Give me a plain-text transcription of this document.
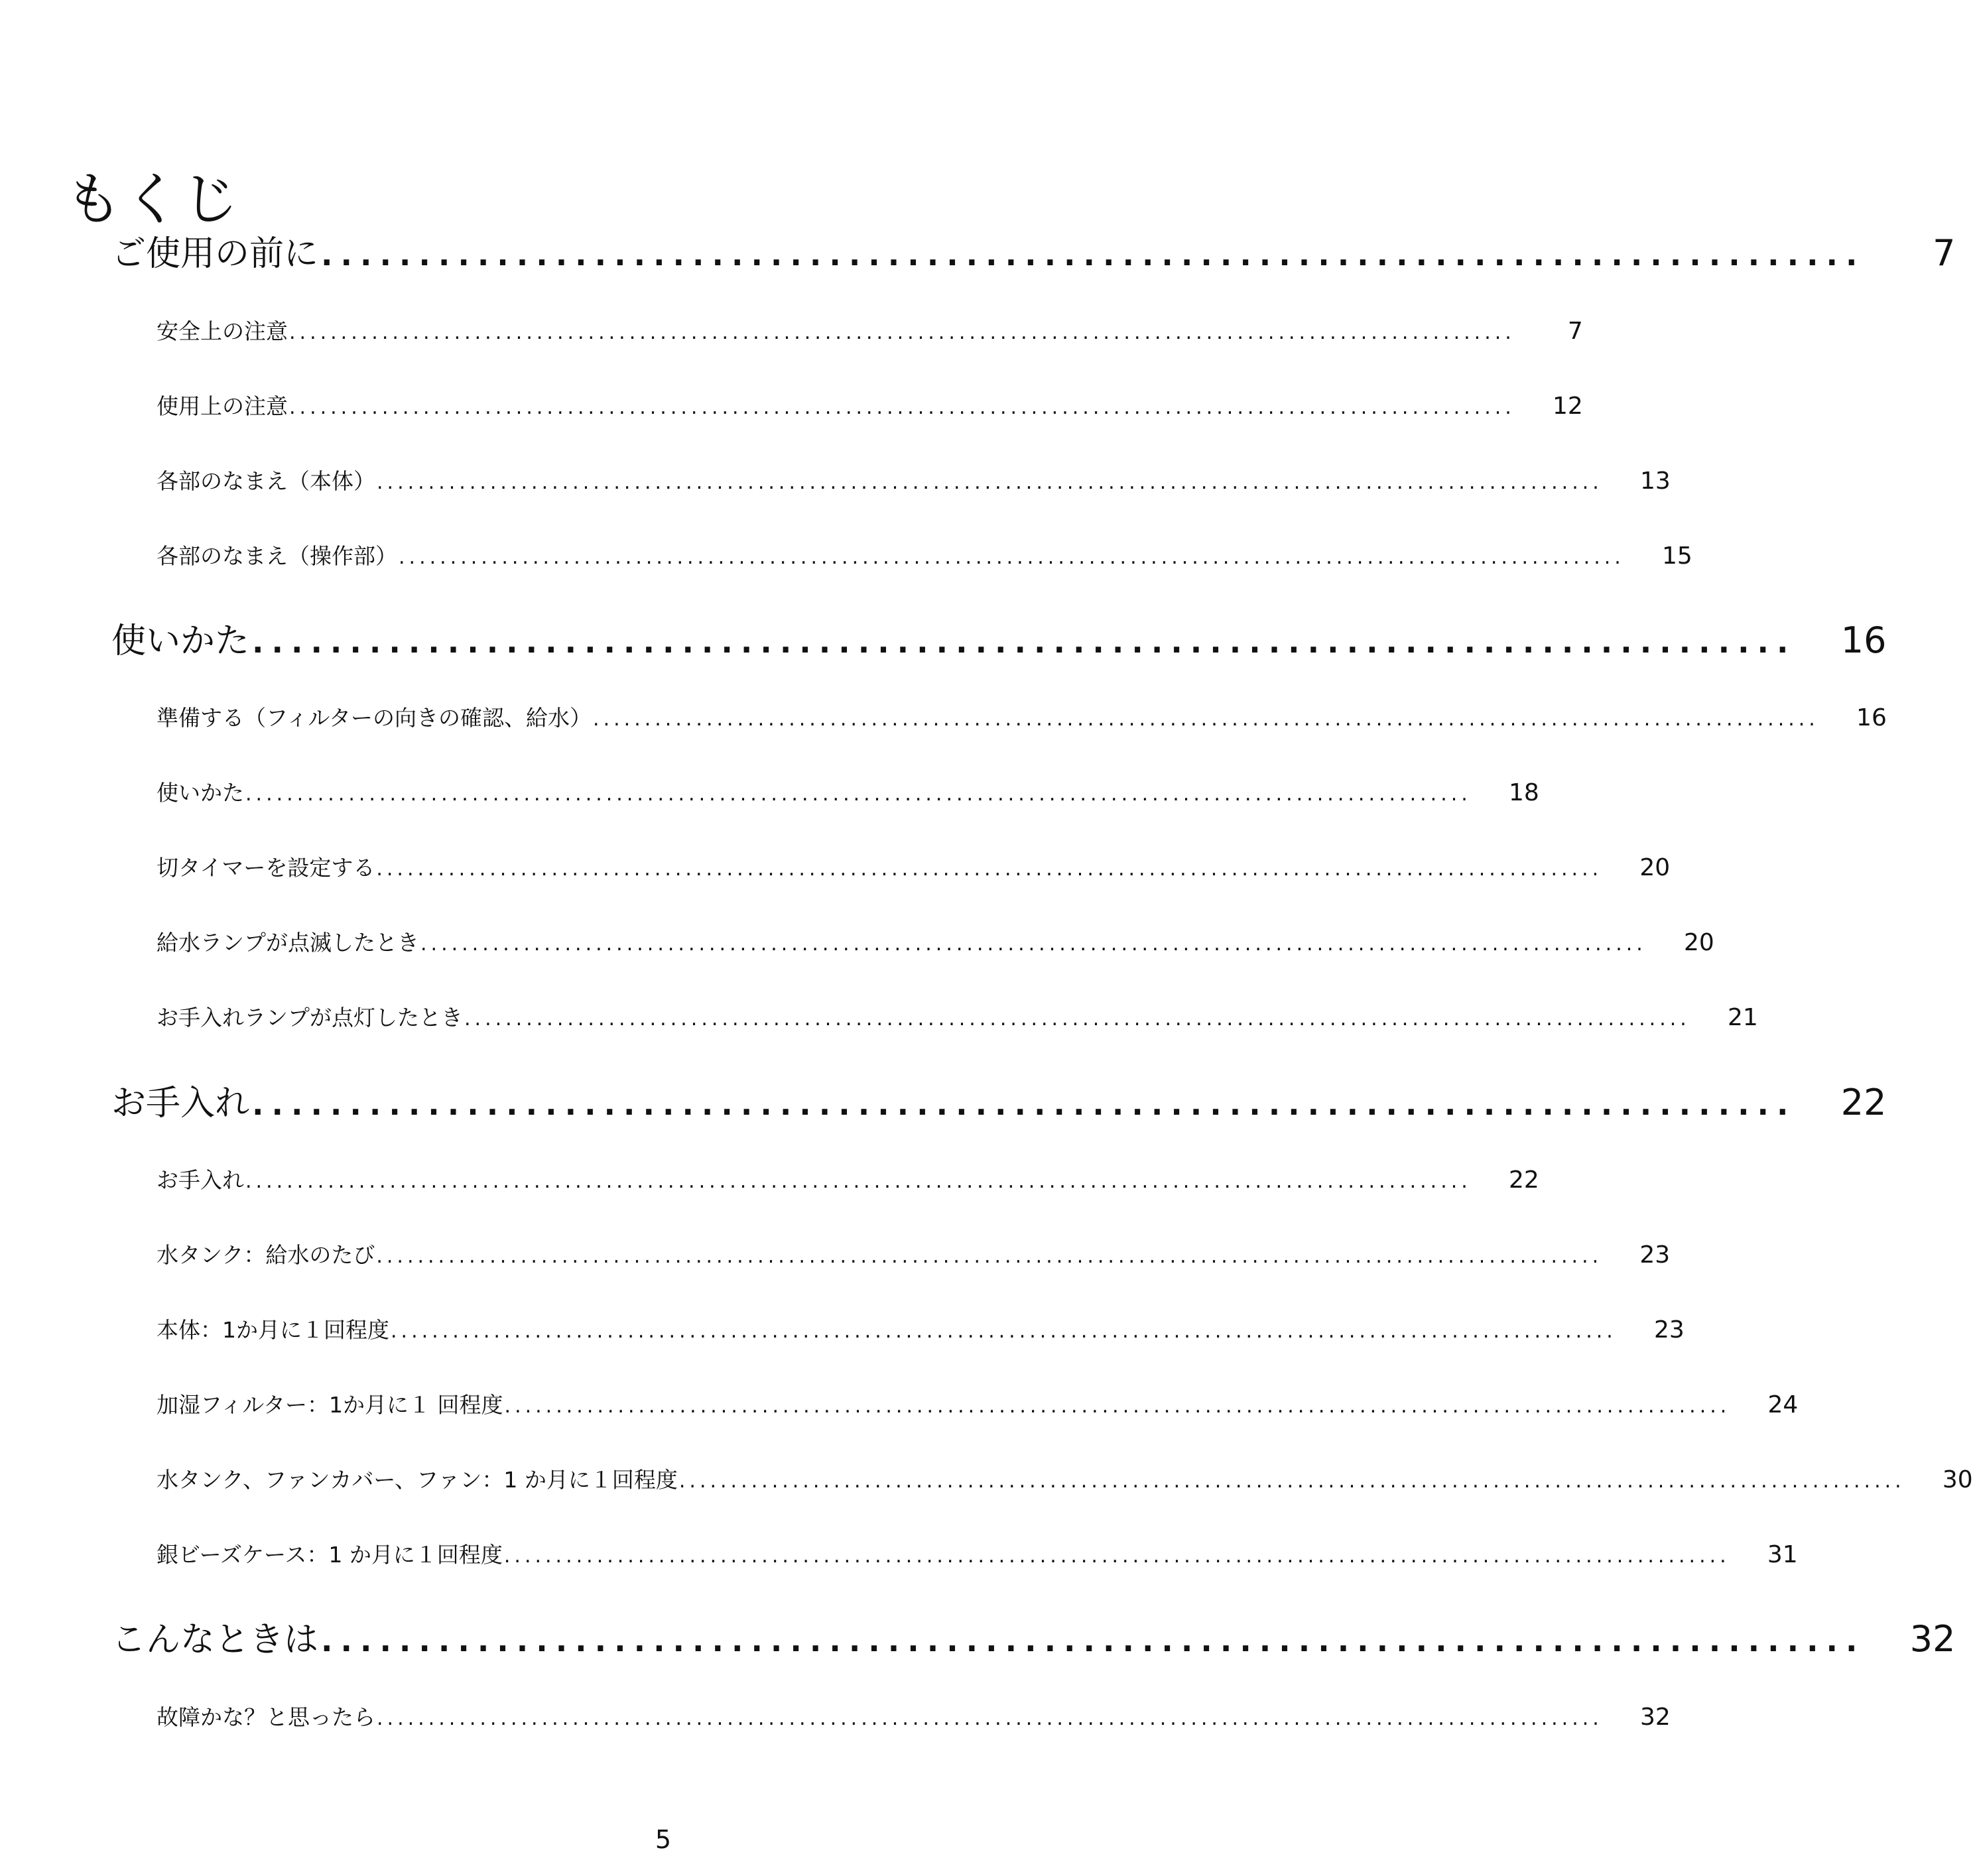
もくじ
ご使用の前に ...............................................................................	7
安全上の注意 .......................................................................................................................	7
使用上の注意 .......................................................................................................................	12
各部のなまえ（本体） .......................................................................................................................	13
各部のなまえ（操作部） .......................................................................................................................	15
使いかた ...............................................................................	16
準備する（フィルターの向きの確認、給水） .......................................................................................................................	16
使いかた .......................................................................................................................	18
切タイマーを設定する .......................................................................................................................	20
給水ランプが点滅したとき .......................................................................................................................	20
お手入れランプが点灯したとき .......................................................................................................................	21
お手入れ ...............................................................................	22
お手入れ .......................................................................................................................	22
水タンク：給水のたび .......................................................................................................................	23
本体：1か月に１回程度 .......................................................................................................................	23
加湿フィルター：1か月に１ 回程度 .......................................................................................................................	24
水タンク、ファンカバー、ファン：1 か月に１回程度 .......................................................................................................................	30
銀ビーズケース：1 か月に１回程度 .......................................................................................................................	31
こんなときは ...............................................................................	32
故障かな？と思ったら .......................................................................................................................	32
5
